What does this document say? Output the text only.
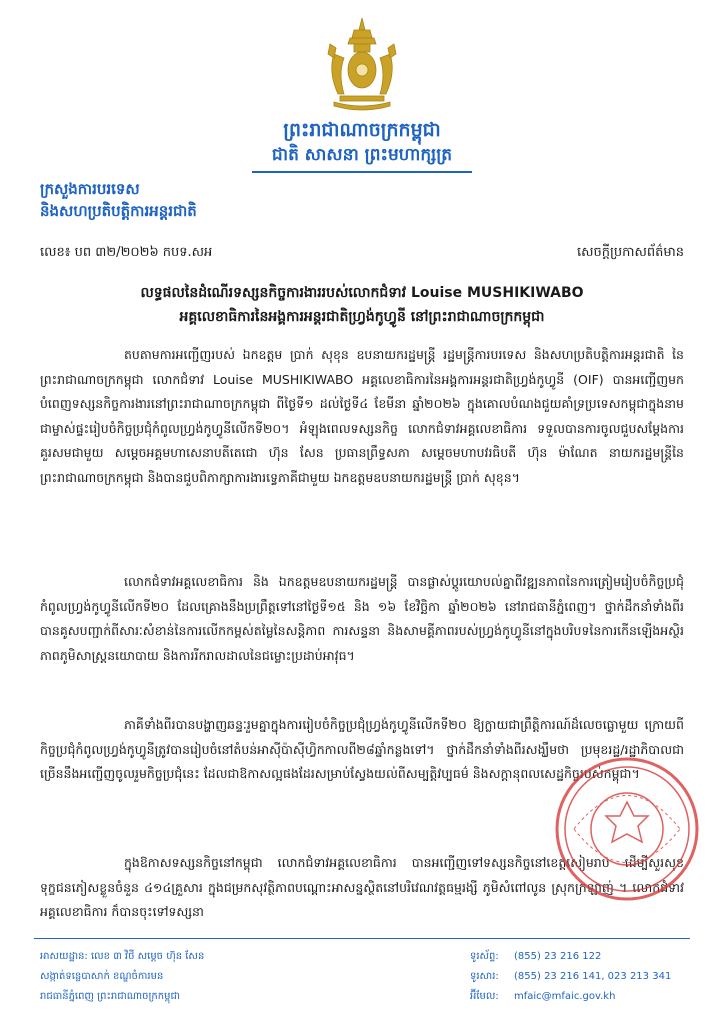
ព្រះរាជាណាចក្រកម្ពុជា
ជាតិ សាសនា ព្រះមហាក្សត្រ
ក្រសួងការបរទេស
និងសហប្រតិបត្តិការអន្តរជាតិ
លេខ៖ បព ៣២/២០២៦ កបទ.សអ	សេចក្តីប្រកាសព័ត៌មាន
លទ្ធផលនៃដំណើរទស្សនកិច្ចការងាររបស់លោកជំទាវ Louise MUSHIKIWABO
អគ្គលេខាធិការនៃអង្គការអន្តរជាតិហ្វ្រង់កូហ្វូនី នៅព្រះរាជាណាចក្រកម្ពុជា
តបតាមការអញ្ជើញរបស់ ឯកឧត្តម ប្រាក់ សុខុន ឧបនាយករដ្ឋមន្ត្រី រដ្ឋមន្ត្រីការបរទេស និងសហប្រតិបត្តិការអន្តរជាតិ នៃព្រះរាជាណាចក្រកម្ពុជា លោកជំទាវ Louise MUSHIKIWABO អគ្គលេខាធិការនៃអង្គការអន្តរជាតិហ្វ្រង់កូហ្វូនី (OIF) បានអញ្ជើញមកបំពេញទស្សនកិច្ចការងារនៅព្រះរាជាណាចក្រកម្ពុជា ពីថ្ងៃទី១ ដល់ថ្ងៃទី៤ ខែមីនា ឆ្នាំ២០២៦ ក្នុងគោលបំណងជួយគាំទ្រប្រទេសកម្ពុជាក្នុងនាមជាម្ចាស់ផ្ទះរៀបចំកិច្ចប្រជុំកំពូលហ្វ្រង់កូហ្វូនីលើកទី២០។ អំឡុងពេលទស្សនកិច្ច លោកជំទាវអគ្គលេខាធិការ ទទួលបានការចូលជួបសម្តែងការគួរសមជាមួយ សម្តេចអគ្គមហាសេនាបតីតេជោ ហ៊ុន សែន ប្រធានព្រឹទ្ធសភា សម្តេចមហាបវរធិបតី ហ៊ុន ម៉ាណែត នាយករដ្ឋមន្ត្រីនៃព្រះរាជាណាចក្រកម្ពុជា និងបានជួបពិភាក្សាការងារទ្វេភាគីជាមួយ ឯកឧត្តមឧបនាយករដ្ឋមន្ត្រី ប្រាក់ សុខុន។
លោកជំទាវអគ្គលេខាធិការ និង ឯកឧត្តមឧបនាយករដ្ឋមន្ត្រី បានផ្លាស់ប្តូរយោបល់គ្នាពីវឌ្ឍនភាពនៃការត្រៀមរៀបចំកិច្ចប្រជុំកំពូលហ្វ្រង់កូហ្វូនីលើកទី២០ ដែលគ្រោងនឹងប្រព្រឹត្តទៅនៅថ្ងៃទី១៥ និង ១៦ ខែវិច្ឆិកា ឆ្នាំ២០២៦ នៅរាជធានីភ្នំពេញ។ ថ្នាក់ដឹកនាំទាំងពីរបានគូសបញ្ជាក់ពីសារៈសំខាន់នៃការលើកកម្ពស់តម្លៃនៃសន្តិភាព ការសន្ទនា និងសាមគ្គីភាពរបស់ហ្វ្រង់កូហ្វូនីនៅក្នុងបរិបទនៃការកើនឡើងអស្ថិរភាពភូមិសាស្ត្រនយោបាយ និងការរីករាលដាលនៃជម្លោះប្រដាប់អាវុធ។
ភាគីទាំងពីរបានបង្ហាញឆន្ទៈរួមគ្នាក្នុងការរៀបចំកិច្ចប្រជុំហ្វ្រង់កូហ្វូនីលើកទី២០ ឱ្យក្លាយជាព្រឹត្តិការណ៍ដ៏លេចធ្លោមួយ ក្រោយពីកិច្ចប្រជុំកំពូលហ្វ្រង់កូហ្វូនីត្រូវបានរៀបចំនៅតំបន់អាស៊ីប៉ាស៊ីហ្វិកកាលពី២៨ឆ្នាំកន្លងទៅ។ ថ្នាក់ដឹកនាំទាំងពីរសង្ឃឹមថា ប្រមុខរដ្ឋ/រដ្ឋាភិបាលជាច្រើននឹងអញ្ជើញចូលរួមកិច្ចប្រជុំនេះ ដែលជាឱកាសល្អផងដែរសម្រាប់ស្វែងយល់ពីសម្បត្តិវប្បធម៌ និងសក្តានុពលសេដ្ឋកិច្ចរបស់កម្ពុជា។
ក្នុងឱកាសទស្សនកិច្ចនៅកម្ពុជា លោកជំទាវអគ្គលេខាធិការ បានអញ្ជើញទៅទស្សនកិច្ចនៅខេត្តសៀមរាប ដើម្បីសួរសុខទុក្ខជនភៀសខ្លួនចំនួន ៤១៤គ្រួសារ ក្នុងជម្រកសុវត្ថិភាពបណ្តោះអាសន្នស្ថិតនៅបរិវេណវត្តធម្មរង្សី ភូមិសំពៅលូន ស្រុកក្រឡាញ់ ។ លោកជំទាវអគ្គលេខាធិការ ក៏បានចុះទៅទស្សនា
អាសយដ្ឋាន: លេខ ៣ វិថី សម្តេច ហ៊ុន សែន
សង្កាត់ទន្លេបាសាក់ ខណ្ឌចំការមន
រាជធានីភ្នំពេញ ព្រះរាជាណាចក្រកម្ពុជា
ទូរស័ព្ទ:	(855) 23 216 122
ទូរសារ:	(855) 23 216 141, 023 213 341
អ៊ីមែល:	mfaic@mfaic.gov.kh
